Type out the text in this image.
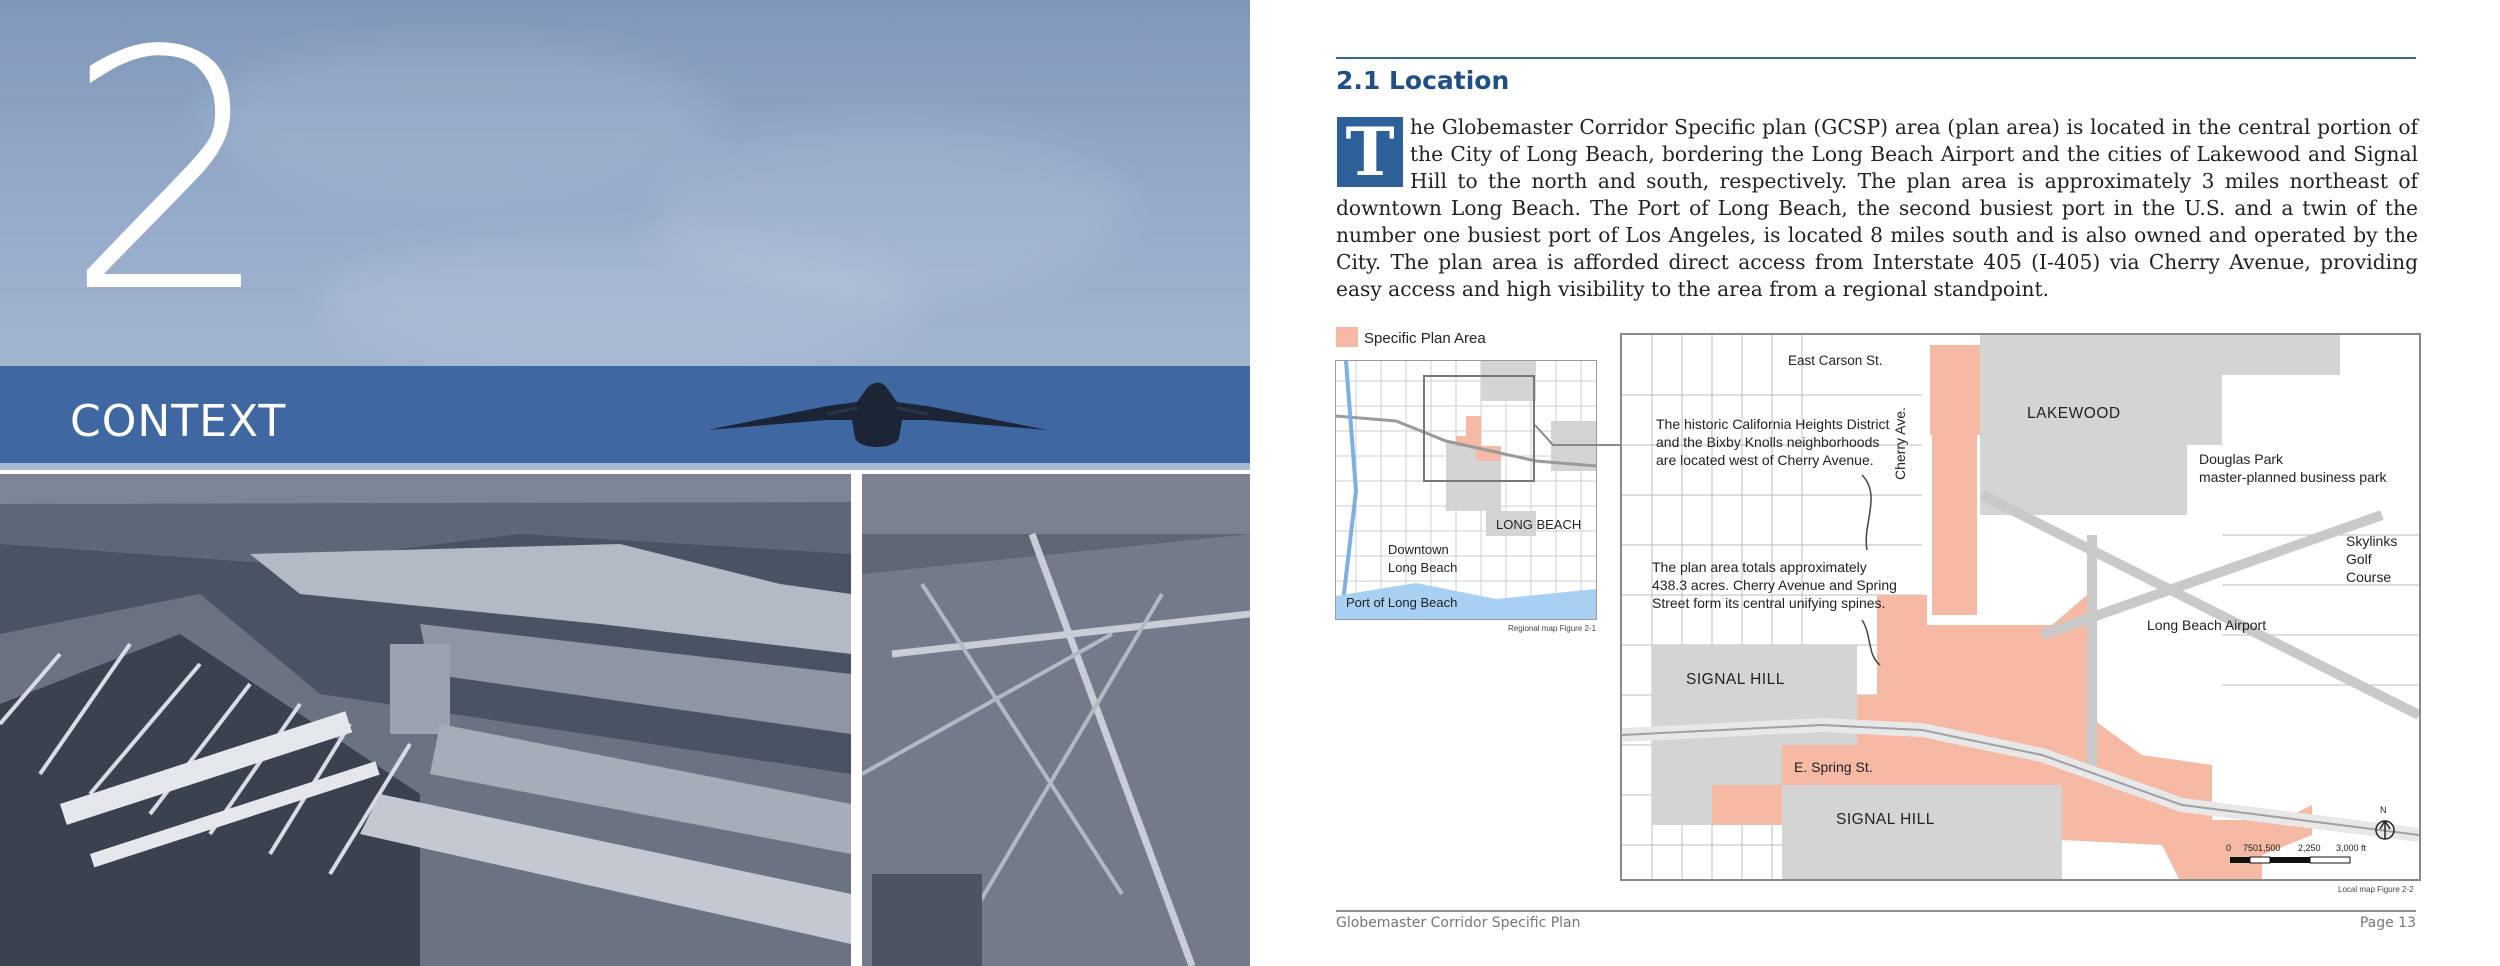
2
CONTEXT
2.1 Location
T he Globemaster Corridor Specific plan (GCSP) area (plan area) is located in the central portion of the City of Long Beach, bordering the Long Beach Airport and the cities of Lakewood and Signal Hill to the north and south, respectively. The plan area is approximately 3 miles northeast of downtown Long Beach. The Port of Long Beach, the second busiest port in the U.S. and a twin of the number one busiest port of Los Angeles, is located 8 miles south and is also owned and operated by the City. The plan area is afforded direct access from Interstate 405 (I-405) via Cherry Avenue, providing easy access and high visibility to the area from a regional standpoint.

Specific Plan Area
LONG BEACH
Downtown
Long Beach
Port of Long Beach
Regional map Figure 2-1
East Carson St.
LAKEWOOD
Douglas Park
master-planned business park
Skylinks
Golf
Course
Long Beach Airport
Cherry Ave.
SIGNAL HILL
SIGNAL HILL
E. Spring St.
The historic California Heights District
and the Bixby Knolls neighborhoods
are located west of Cherry Avenue.
The plan area totals approximately
438.3 acres. Cherry Avenue and Spring
Street form its central unifying spines.
N
0 750 1,500 2,250 3,000 ft
Local map Figure 2-2
Globemaster Corridor Specific Plan	Page 13
